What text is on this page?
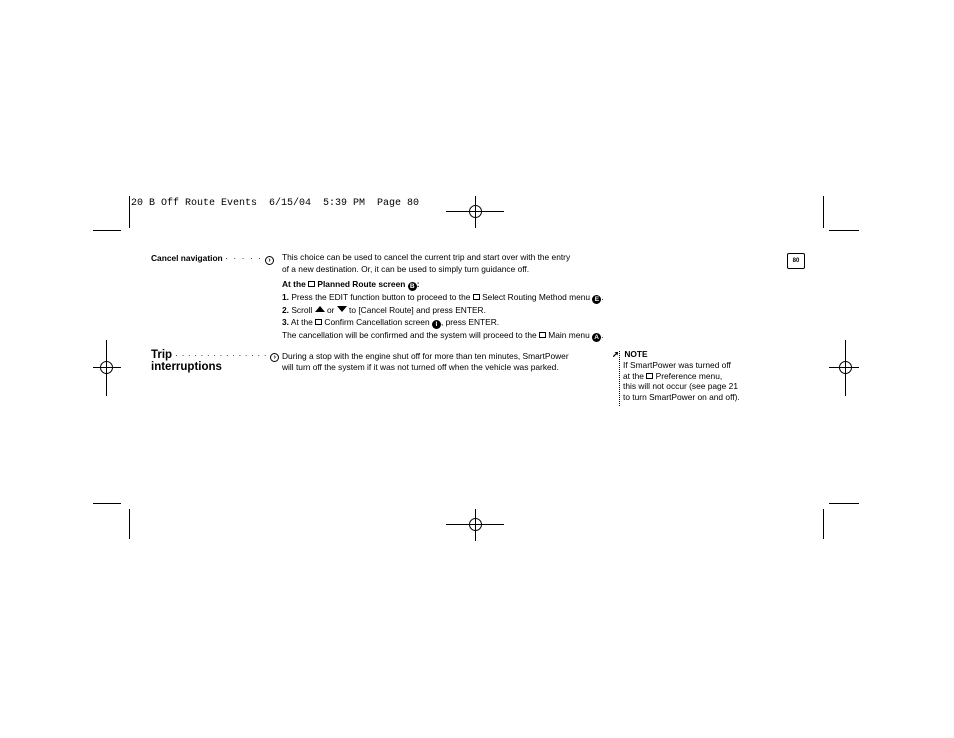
20 B Off Route Events  6/15/04  5:39 PM  Page 80
80
Cancel navigation · · · · · ›	This choice can be used to cancel the current trip and start over with the entry
of a new destination. Or, it can be used to simply turn guidance off.
At the Planned Route screen B :
1. Press the EDIT function button to proceed to the Select Routing Method menu E .
2. Scroll or to [Cancel Route] and press ENTER.
3. At the Confirm Cancellation screen I , press ENTER.
The cancellation will be confirmed and the system will proceed to the Main menu A .
Trip · · · · · · · · · · · · · · · ›
interruptions
During a stop with the engine shut off for more than ten minutes, SmartPower
will turn off the system if it was not turned off when the vehicle was parked.
➚ NOTE
If SmartPower was turned off
at the Preference menu,
this will not occur (see page 21
to turn SmartPower on and off).
